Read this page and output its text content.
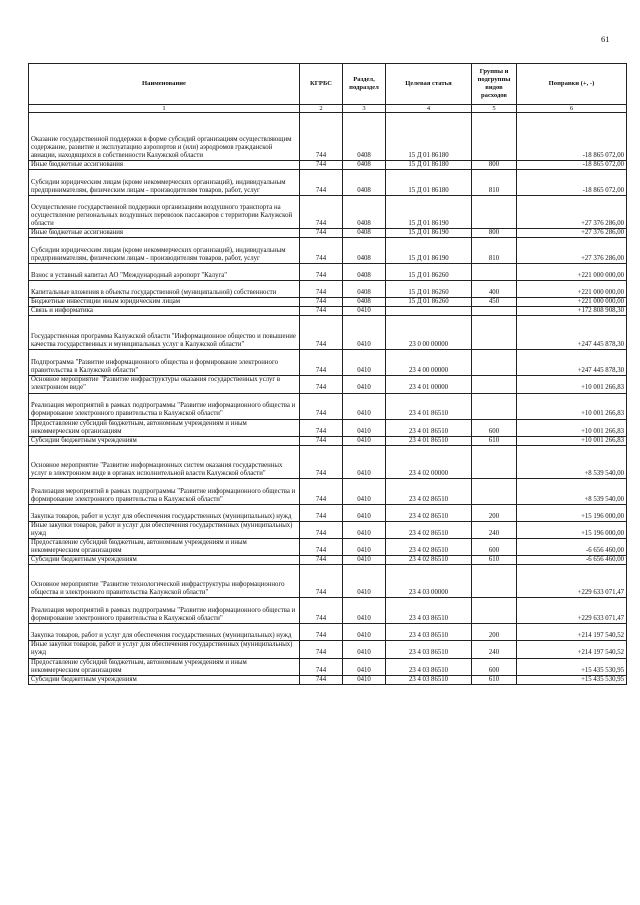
61
Наименование	КГРБС	Раздел, подраздел	Целевая статья	Группы и подгруппы видов расходов	Поправки (+, -)
1	2	3	4	5	6
Оказание государственной поддержки в форме субсидий организациям осуществляющим содержание, развитие и эксплуатацию аэропортов и (или) аэродромов гражданской авиации, находящихся в собственности Калужской области	744	0408	15 Д 01 86180		-18 865 072,00
Иные бюджетные ассигнования	744	0408	15 Д 01 86180	800	-18 865 072,00
Субсидии юридическим лицам (кроме некоммерческих организаций), индивидуальным предпринимателям, физическим лицам - производителям товаров, работ, услуг	744	0408	15 Д 01 86180	810	-18 865 072,00
Осуществление государственной поддержки организациям воздушного транспорта на осуществление региональных воздушных перевозок пассажиров с территории Калужской области	744	0408	15 Д 01 86190		+27 376 286,00
Иные бюджетные ассигнования	744	0408	15 Д 01 86190	800	+27 376 286,00
Субсидии юридическим лицам (кроме некоммерческих организаций), индивидуальным предпринимателям, физическим лицам - производителям товаров, работ, услуг	744	0408	15 Д 01 86190	810	+27 376 286,00
Взнос в уставный капитал АО "Международный аэропорт "Калуга"	744	0408	15 Д 01 86260		+221 000 000,00
Капитальные вложения в объекты государственной (муниципальной) собственности	744	0408	15 Д 01 86260	400	+221 000 000,00
Бюджетные инвестиции иным юридическим лицам	744	0408	15 Д 01 86260	450	+221 000 000,00
Связь и информатика	744	0410			+172 808 908,30
Государственная программа Калужской области "Информационное общество и повышение качества государственных и муниципальных услуг в Калужской области"	744	0410	23 0 00 00000		+247 445 878,30
Подпрограмма "Развитие информационного общества и формирование электронного правительства в Калужской области"	744	0410	23 4 00 00000		+247 445 878,30
Основное мероприятие "Развитие инфраструктуры оказания государственных услуг в электронном виде"	744	0410	23 4 01 00000		+10 001 266,83
Реализация мероприятий в рамках подпрограммы "Развитие информационного общества и формирование электронного правительства в Калужской области"	744	0410	23 4 01 86510		+10 001 266,83
Предоставление субсидий бюджетным, автономным учреждениям и иным некоммерческим организациям	744	0410	23 4 01 86510	600	+10 001 266,83
Субсидии бюджетным учреждениям	744	0410	23 4 01 86510	610	+10 001 266,83
Основное мероприятие "Развитие информационных систем оказания государственных услуг в электронном виде в органах исполнительной власти Калужской области"	744	0410	23 4 02 00000		+8 539 540,00
Реализация мероприятий в рамках подпрограммы "Развитие информационного общества и формирование электронного правительства в Калужской области"	744	0410	23 4 02 86510		+8 539 540,00
Закупка товаров, работ и услуг для обеспечения государственных (муниципальных) нужд	744	0410	23 4 02 86510	200	+15 196 000,00
Иные закупки товаров, работ и услуг для обеспечения государственных (муниципальных) нужд	744	0410	23 4 02 86510	240	+15 196 000,00
Предоставление субсидий бюджетным, автономным учреждениям и иным некоммерческим организациям	744	0410	23 4 02 86510	600	-6 656 460,00
Субсидии бюджетным учреждениям	744	0410	23 4 02 86510	610	-6 656 460,00
Основное мероприятие "Развитие технологической инфраструктуры информационного общества и электронного правительства Калужской области"	744	0410	23 4 03 00000		+229 633 071,47
Реализация мероприятий в рамках подпрограммы "Развитие информационного общества и формирование электронного правительства в Калужской области"	744	0410	23 4 03 86510		+229 633 071,47
Закупка товаров, работ и услуг для обеспечения государственных (муниципальных) нужд	744	0410	23 4 03 86510	200	+214 197 540,52
Иные закупки товаров, работ и услуг для обеспечения государственных (муниципальных) нужд	744	0410	23 4 03 86510	240	+214 197 540,52
Предоставление субсидий бюджетным, автономным учреждениям и иным некоммерческим организациям	744	0410	23 4 03 86510	600	+15 435 530,95
Субсидии бюджетным учреждениям	744	0410	23 4 03 86510	610	+15 435 530,95
